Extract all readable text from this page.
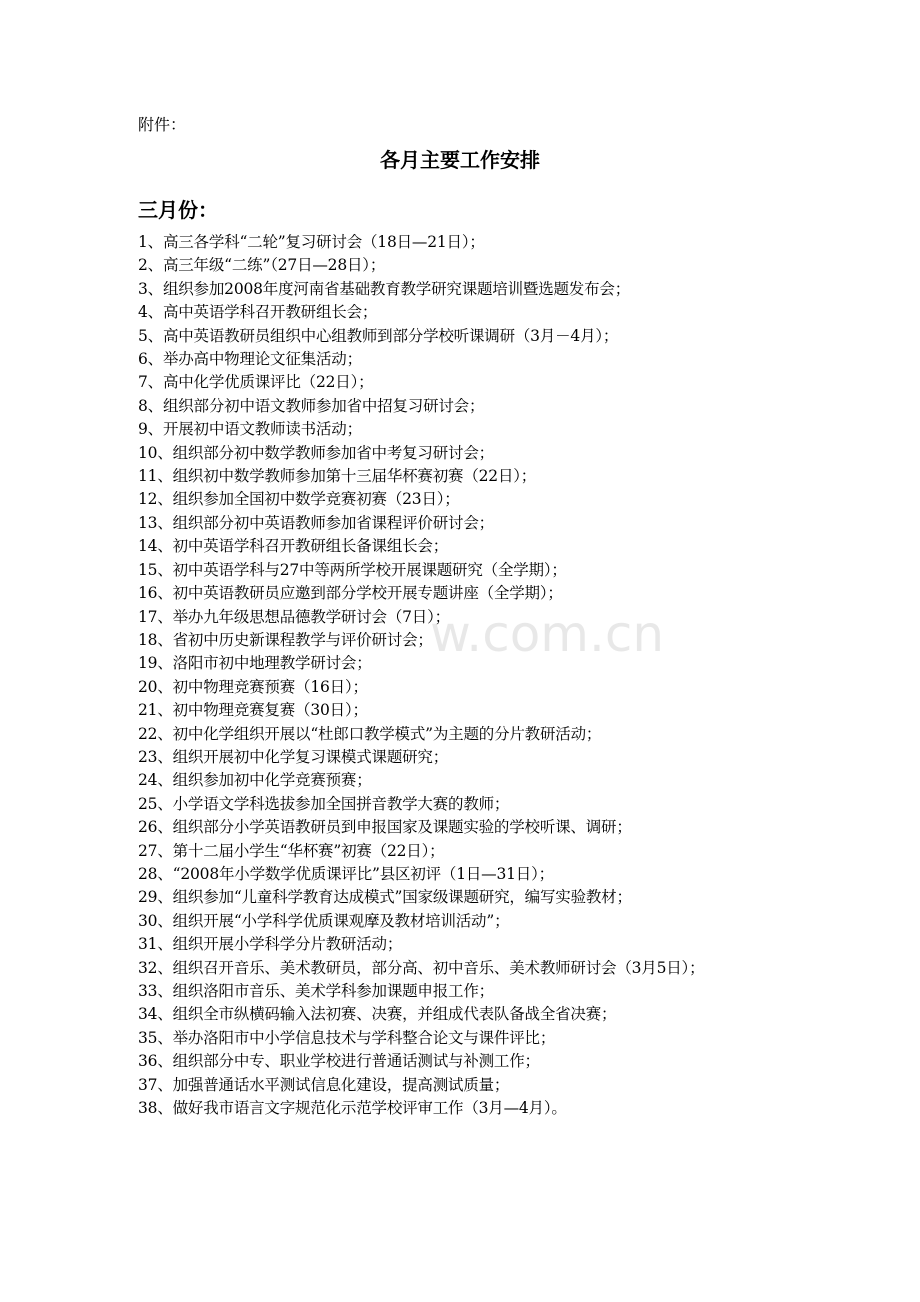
附件：
各月主要工作安排
三月份：
1、高三各学科“二轮”复习研讨会（18日—21日）；
2、高三年级“二练”（27日—28日）；
3、组织参加2008年度河南省基础教育教学研究课题培训暨选题发布会；
4、高中英语学科召开教研组长会；
5、高中英语教研员组织中心组教师到部分学校听课调研（3月－4月）；
6、举办高中物理论文征集活动；
7、高中化学优质课评比（22日）；
8、组织部分初中语文教师参加省中招复习研讨会；
9、开展初中语文教师读书活动；
10、组织部分初中数学教师参加省中考复习研讨会；
11、组织初中数学教师参加第十三届华杯赛初赛（22日）；
12、组织参加全国初中数学竞赛初赛（23日）；
13、组织部分初中英语教师参加省课程评价研讨会；
14、初中英语学科召开教研组长备课组长会；
15、初中英语学科与27中等两所学校开展课题研究（全学期）；
16、初中英语教研员应邀到部分学校开展专题讲座（全学期）；
17、举办九年级思想品德教学研讨会（7日）；
18、省初中历史新课程教学与评价研讨会；
19、洛阳市初中地理教学研讨会；
20、初中物理竞赛预赛（16日）；
21、初中物理竞赛复赛（30日）；
22、初中化学组织开展以“杜郎口教学模式”为主题的分片教研活动；
23、组织开展初中化学复习课模式课题研究；
24、组织参加初中化学竞赛预赛；
25、小学语文学科选拔参加全国拼音教学大赛的教师；
26、组织部分小学英语教研员到申报国家及课题实验的学校听课、调研；
27、第十二届小学生“华杯赛”初赛（22日）；
28、“2008年小学数学优质课评比”县区初评（1日—31日）；
29、组织参加“儿童科学教育达成模式”国家级课题研究，编写实验教材；
30、组织开展“小学科学优质课观摩及教材培训活动”；
31、组织开展小学科学分片教研活动；
32、组织召开音乐、美术教研员，部分高、初中音乐、美术教师研讨会（3月5日）；
33、组织洛阳市音乐、美术学科参加课题申报工作；
34、组织全市纵横码输入法初赛、决赛，并组成代表队备战全省决赛；
35、举办洛阳市中小学信息技术与学科整合论文与课件评比；
36、组织部分中专、职业学校进行普通话测试与补测工作；
37、加强普通话水平测试信息化建设，提高测试质量；
38、做好我市语言文字规范化示范学校评审工作（3月—4月）。
w.com.cn
